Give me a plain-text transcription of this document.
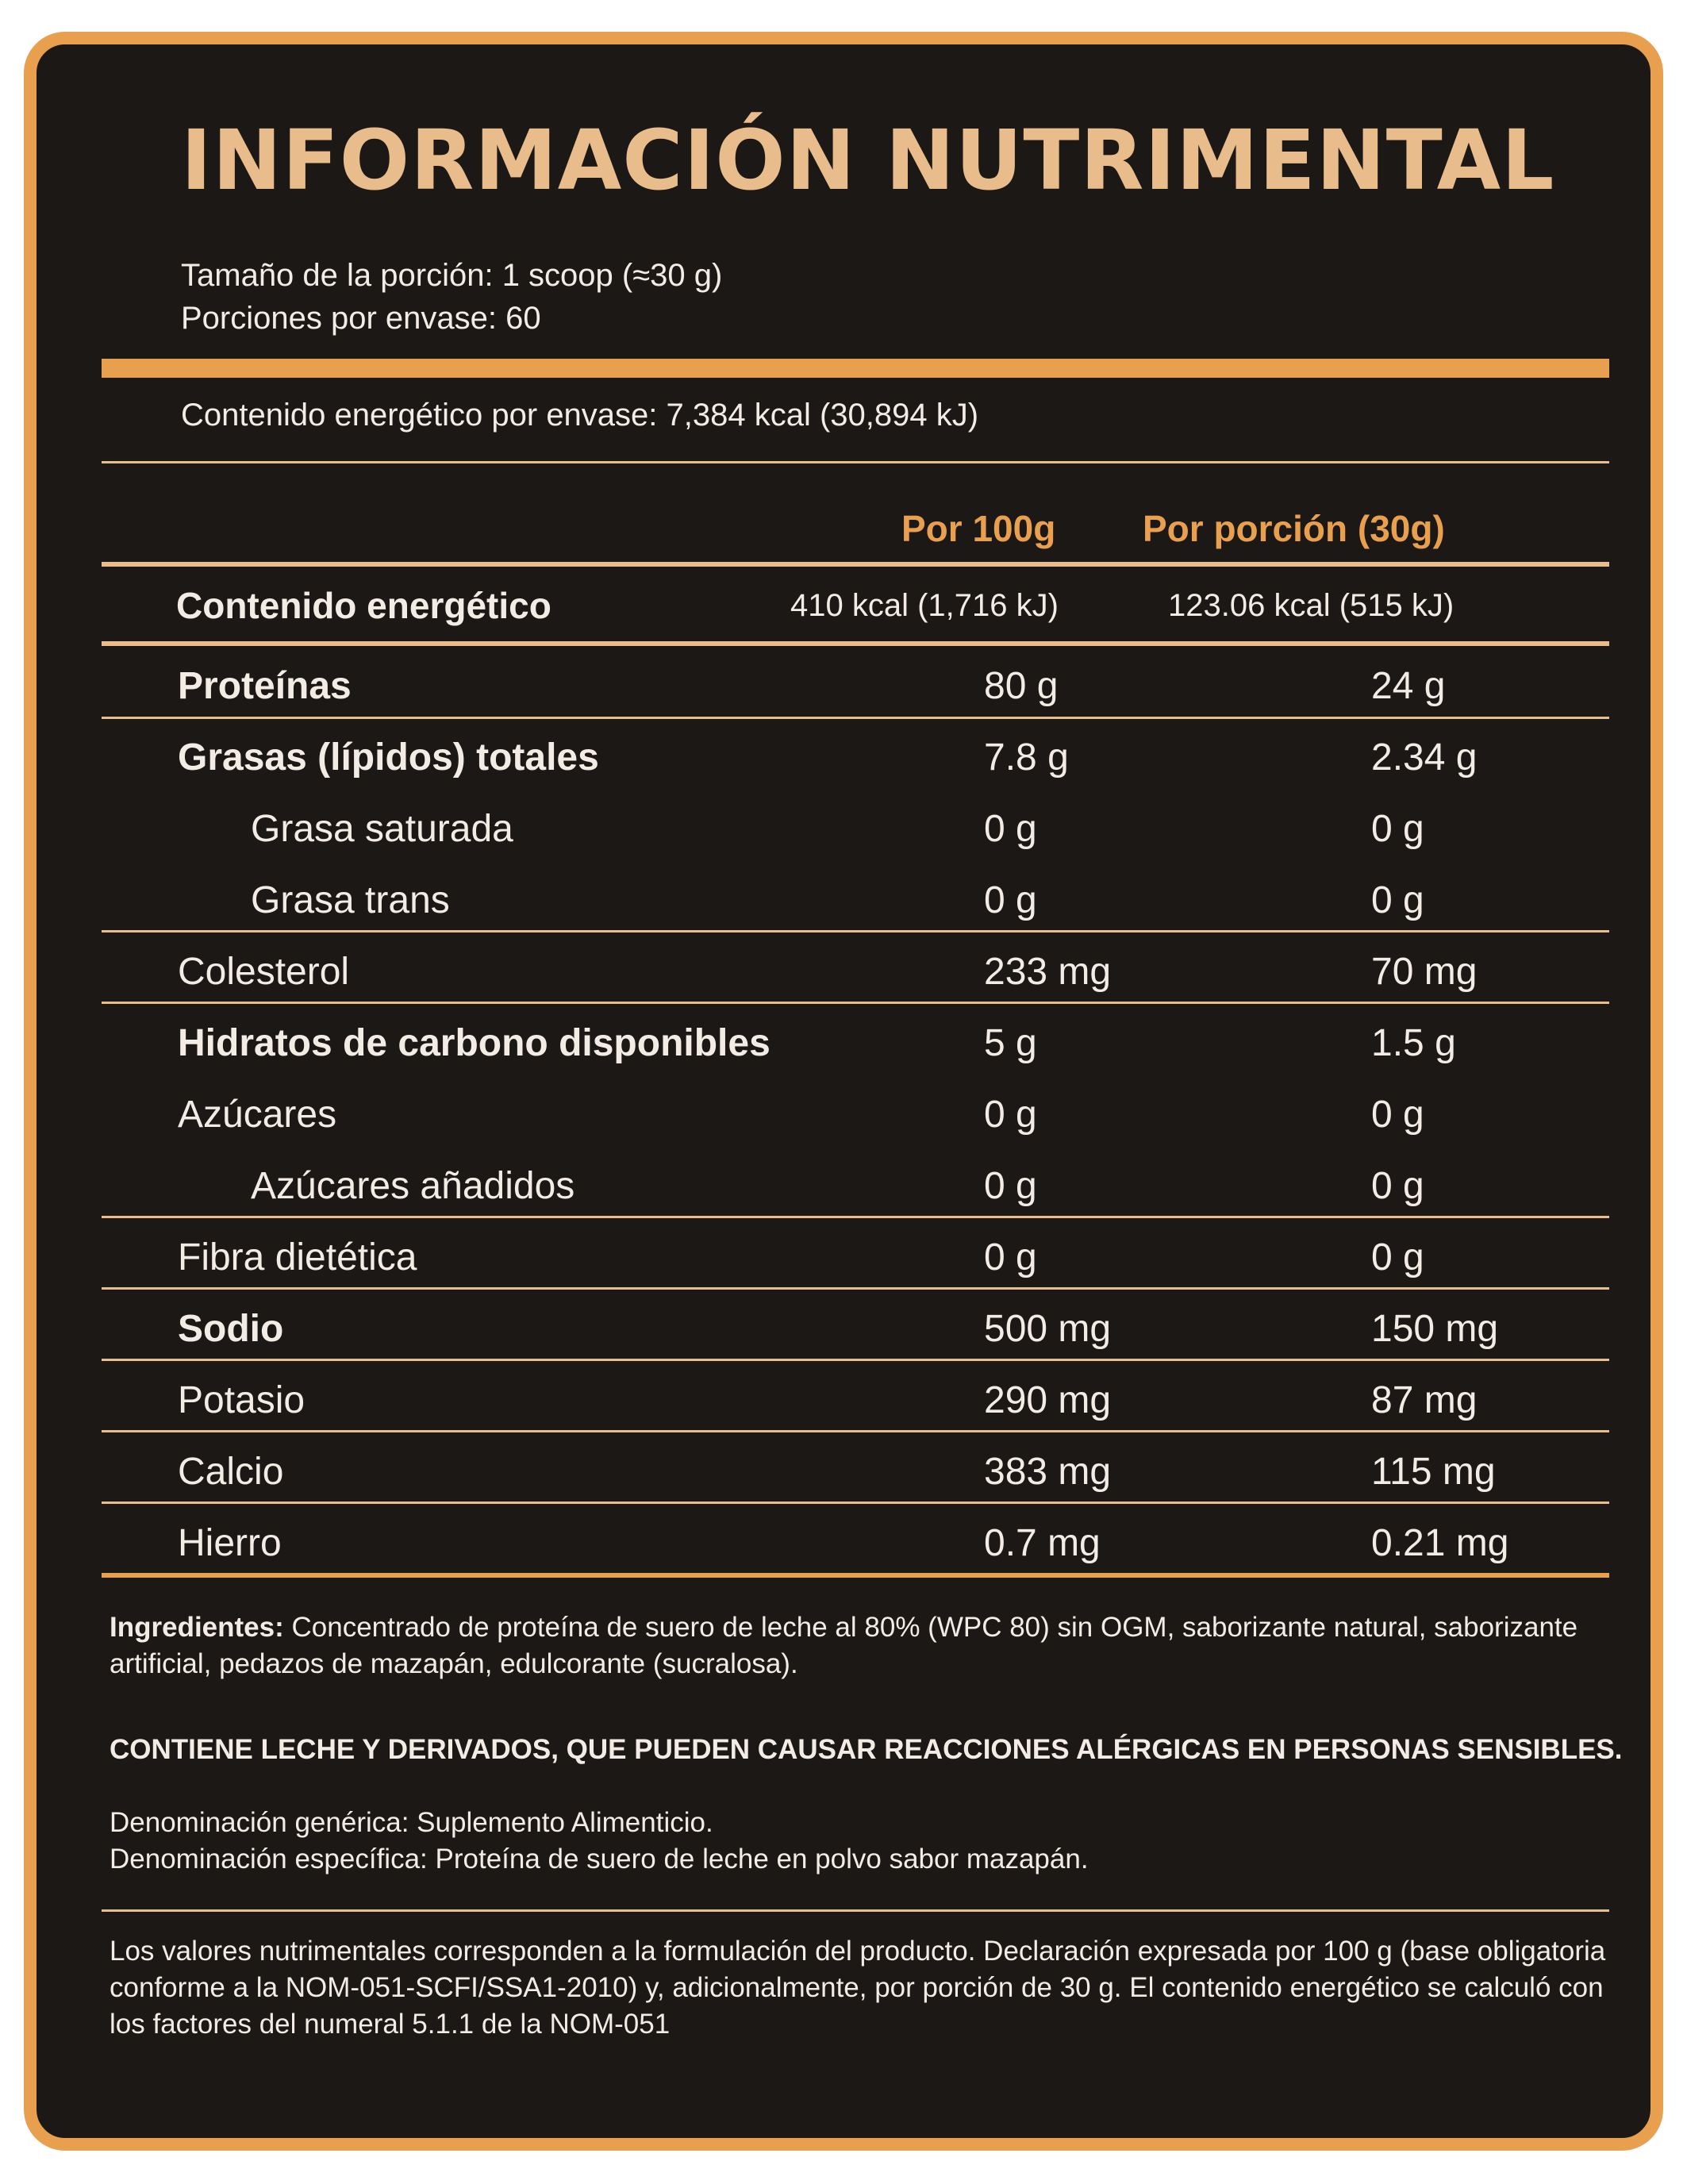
INFORMACIÓN NUTRIMENTAL
Tamaño de la porción: 1 scoop (≈30 g)
Porciones por envase: 60
Contenido energético por envase: 7,384 kcal (30,894 kJ)
Por 100g Por porción (30g)
Contenido energético	410 kcal (1,716 kJ)	123.06 kcal (515 kJ)
Proteínas	80 g	24 g
Grasas (lípidos) totales	7.8 g	2.34 g
Grasa saturada	0 g	0 g
Grasa trans	0 g	0 g
Colesterol	233 mg	70 mg
Hidratos de carbono disponibles	5 g	1.5 g
Azúcares	0 g	0 g
Azúcares añadidos	0 g	0 g
Fibra dietética	0 g	0 g
Sodio	500 mg	150 mg
Potasio	290 mg	87 mg
Calcio	383 mg	115 mg
Hierro	0.7 mg	0.21 mg
Ingredientes: Concentrado de proteína de suero de leche al 80% (WPC 80) sin OGM, saborizante natural, saborizante artificial, pedazos de mazapán, edulcorante (sucralosa).
CONTIENE LECHE Y DERIVADOS, QUE PUEDEN CAUSAR REACCIONES ALÉRGICAS EN PERSONAS SENSIBLES.
Denominación genérica: Suplemento Alimenticio.
Denominación específica: Proteína de suero de leche en polvo sabor mazapán.
Los valores nutrimentales corresponden a la formulación del producto. Declaración expresada por 100 g (base obligatoria conforme a la NOM-051-SCFI/SSA1-2010) y, adicionalmente, por porción de 30 g. El contenido energético se calculó con los factores del numeral 5.1.1 de la NOM-051
